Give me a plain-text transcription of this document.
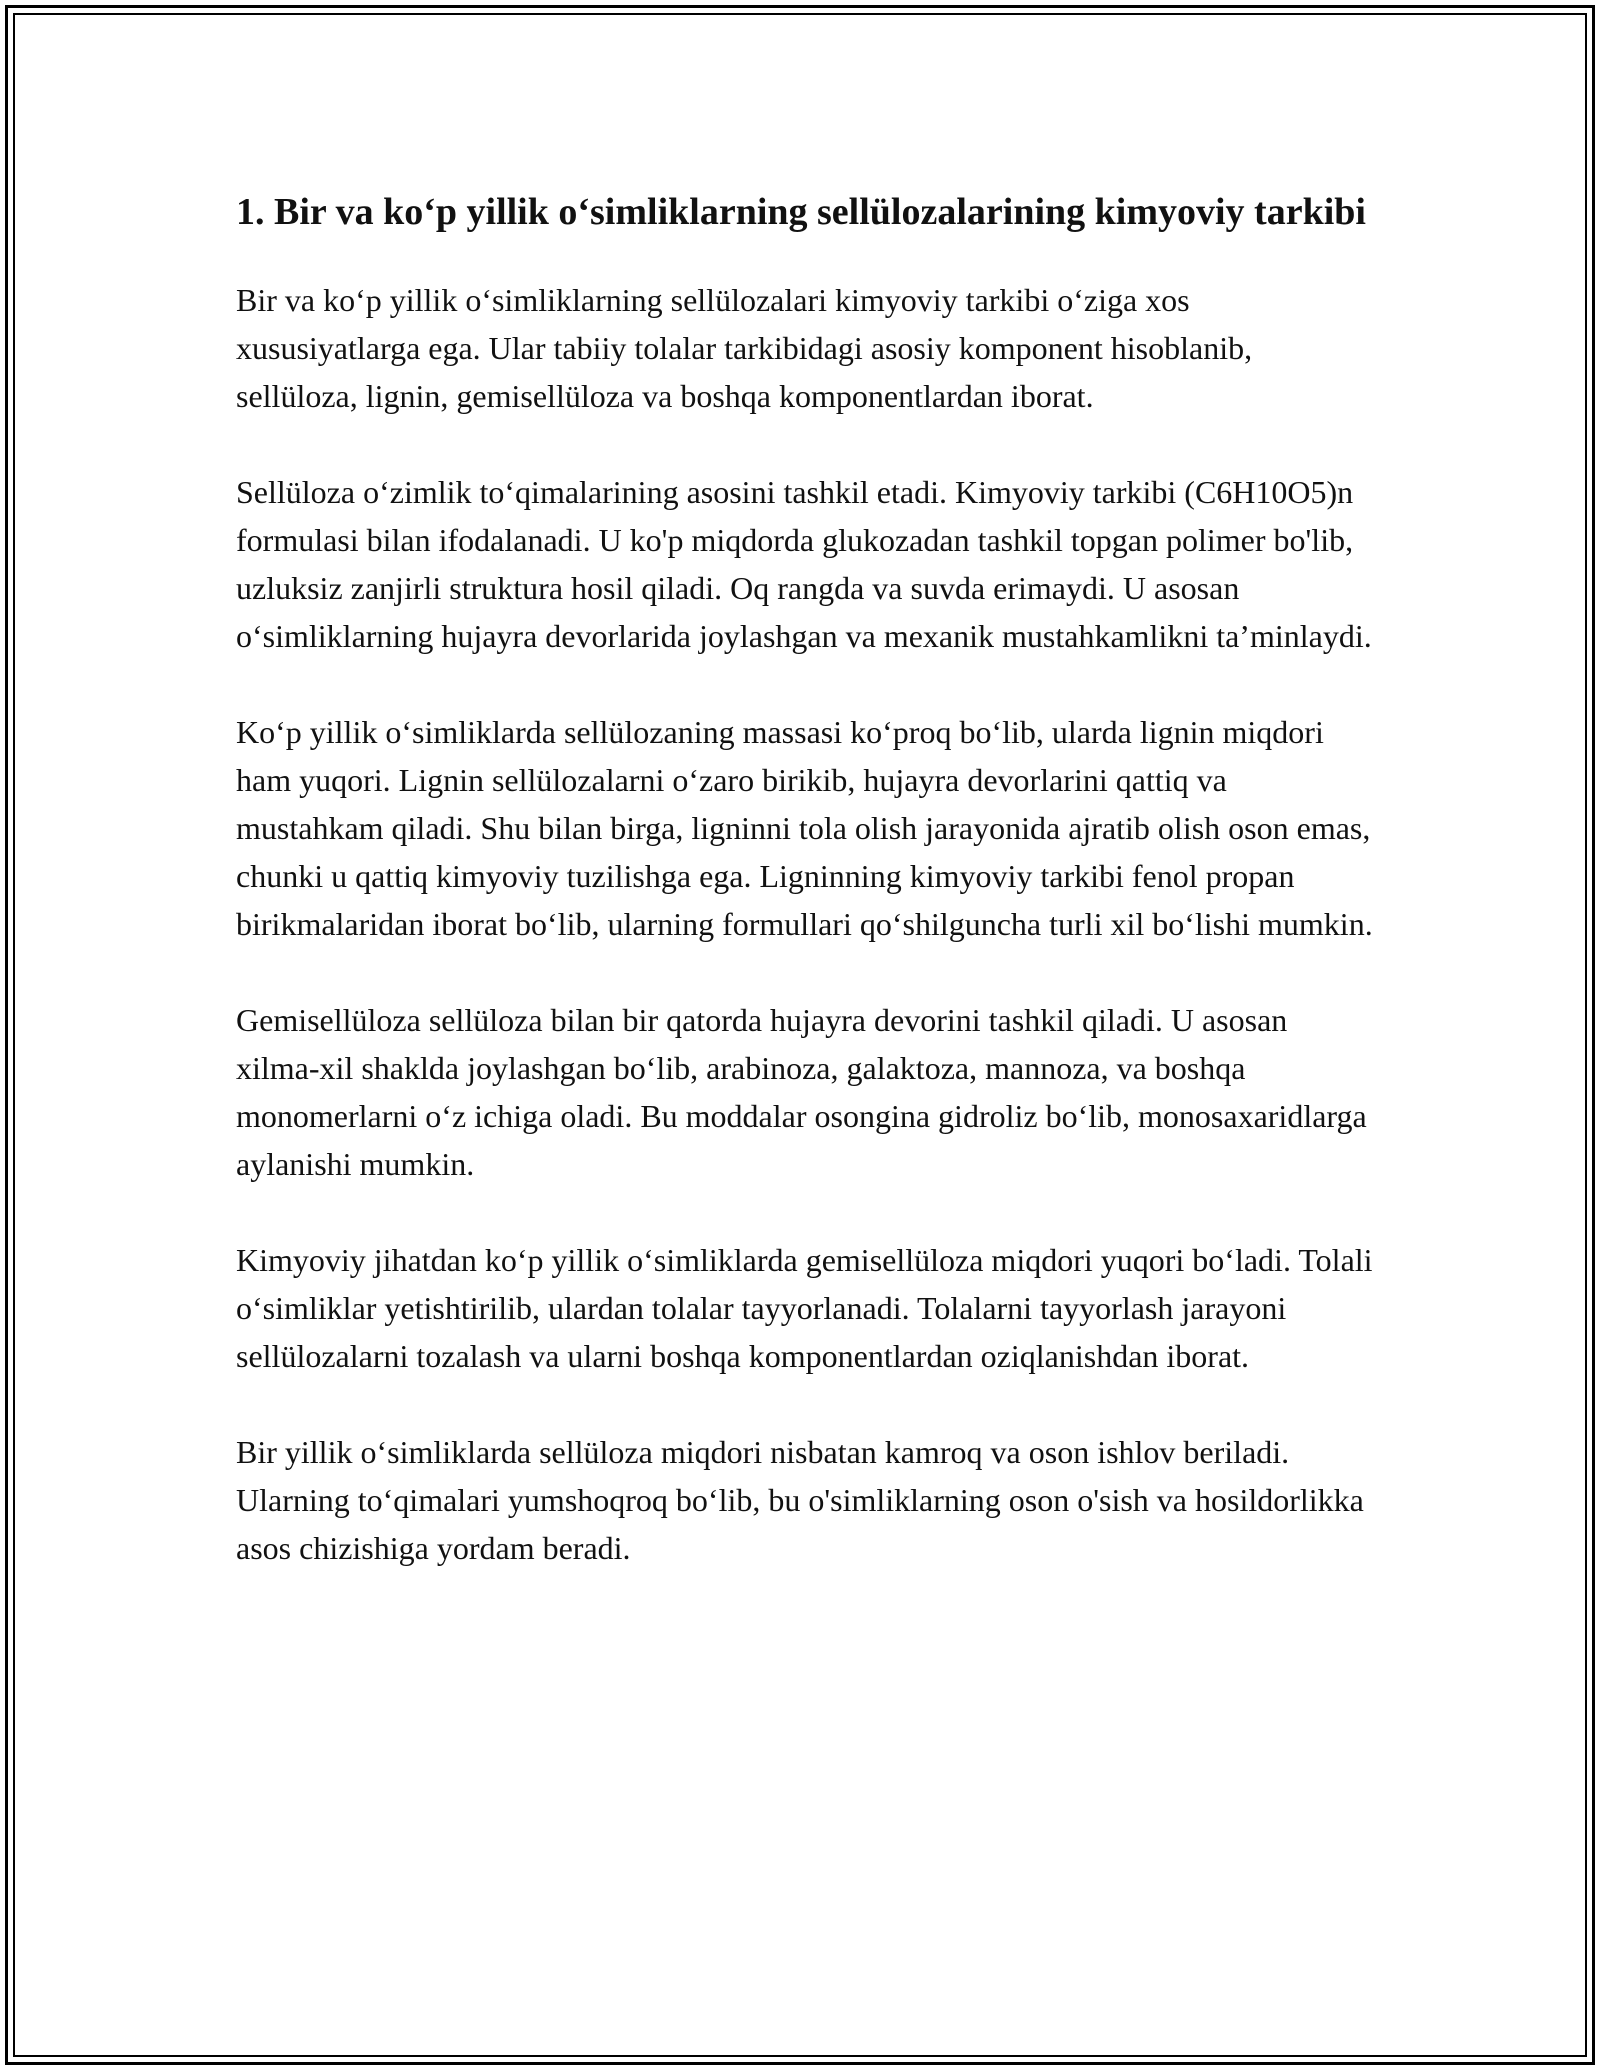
1. Bir va ko‘p yillik o‘simliklarning sellülozalarining kimyoviy tarkibi

Bir va ko‘p yillik o‘simliklarning sellülozalari kimyoviy tarkibi o‘ziga xos xususiyatlarga ega. Ular tabiiy tolalar tarkibidagi asosiy komponent hisoblanib, sellüloza, lignin, gemisellüloza va boshqa komponentlardan iborat.

Sellüloza o‘zimlik to‘qimalarining asosini tashkil etadi. Kimyoviy tarkibi (C6H10O5)n formulasi bilan ifodalanadi. U ko'p miqdorda glukozadan tashkil topgan polimer bo'lib, uzluksiz zanjirli struktura hosil qiladi. Oq rangda va suvda erimaydi. U asosan o‘simliklarning hujayra devorlarida joylashgan va mexanik mustahkamlikni ta’minlaydi.

Ko‘p yillik o‘simliklarda sellülozaning massasi ko‘proq bo‘lib, ularda lignin miqdori ham yuqori. Lignin sellülozalarni o‘zaro birikib, hujayra devorlarini qattiq va mustahkam qiladi. Shu bilan birga, ligninni tola olish jarayonida ajratib olish oson emas, chunki u qattiq kimyoviy tuzilishga ega. Ligninning kimyoviy tarkibi fenol propan birikmalaridan iborat bo‘lib, ularning formullari qo‘shilguncha turli xil bo‘lishi mumkin.

Gemisellüloza sellüloza bilan bir qatorda hujayra devorini tashkil qiladi. U asosan xilma-xil shakldа joylashgan bo‘lib, arabinoza, galaktoza, mannoza, va boshqa monomerlarni o‘z ichiga oladi. Bu moddalar osongina gidroliz bo‘lib, monosaxaridlarga aylanishi mumkin.

Kimyoviy jihatdan ko‘p yillik o‘simliklarda gemisellüloza miqdori yuqori bo‘ladi. Tolali o‘simliklar yetishtirilib, ulardan tolalar tayyorlanadi. Tolalarni tayyorlash jarayoni sellülozalarni tozalash va ularni boshqa komponentlardan oziqlanishdan iborat.

Bir yillik o‘simliklarda sellüloza miqdori nisbatan kamroq va oson ishlov beriladi. Ularning to‘qimalari yumshoqroq bo‘lib, bu o'simliklarning oson o'sish va hosildorlikka asos chizishiga yordam beradi.
